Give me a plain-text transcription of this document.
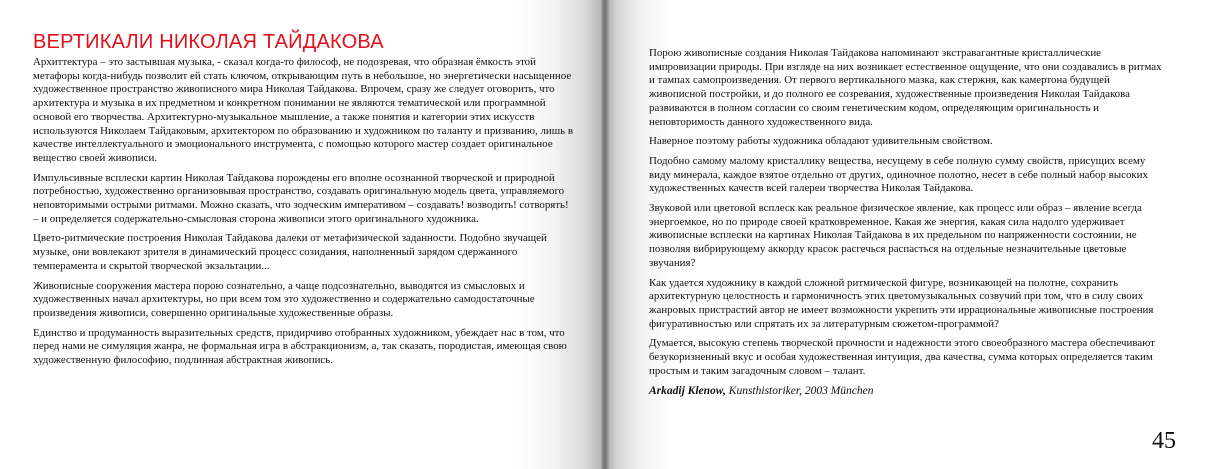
ВЕРТИКАЛИ НИКОЛАЯ ТАЙДАКОВА

Архиттектура – это застывшая музыка, - сказал когда-то философ, не подозревая, что образная ёмкость этой метафоры когда-нибудь позволит ей стать ключом, открывающим путь в небольшое, но энергетически насыщенное художественное пространство живописного мира Николая Тайдакова. Впрочем, сразу же следует оговорить, что архитектура и музыка в их предметном и конкретном понимании не являются тематической или программной основой его творчества. Архитектурно-музыкальное мышление, а также понятия и категории этих искусств используются Николаем Тайдаковым, архитектором по образованию и художником по таланту и призванию, лишь в качестве интеллектуального и эмоционального инструмента, с помощью которого мастер создает оригинальное вещество своей живописи.

Импульсивные всплески картин Николая Тайдакова порождены его вполне осознанной творческой и природной потребностью, художественно организовывая пространство, создавать оригинальную модель цвета, управляемого неповторимыми острыми ритмами. Можно сказать, что зодческим императивом – создавать! возводить! сотворять! – и определяется содержательно-смысловая сторона живописи этого оригинального художника.

Цвето-ритмические построения Николая Тайдакова далеки от метафизической заданности. Подобно звучащей музыке, они вовлекают зрителя в динамический процесс созидания, наполненный зарядом сдержанного темперамента и скрытой творческой экзальтации...

Живописные сооружения мастера порою сознательно, а чаще подсознательно, выводятся из смысловых и художественных начал архитектуры, но при всем том это художественно и содержательно самодостаточные произведения живописи, совершенно оригинальные художественные образы.

Единство и продуманность выразительных средств, придирчиво отобранных художником, убеждает нас в том, что перед нами не симуляция жанра, не формальная игра в абстракционизм, а, так сказать, породистая, имеющая свою художественную философию, подлинная абстрактная живопись.

Порою живописные создания Николая Тайдакова напоминают экстравагантные кристаллические импровизации природы. При взгляде на них возникает естественное ощущение, что они создавались в ритмах и тампах самопроизведения. От первого вертикального мазка, как стержня, как камертона будущей живописной постройки, и до полного ее созревания, художественные произведения Николая Тайдакова развиваются в полном согласии со своим генетическим кодом, определяющим оригинальность и неповторимость данного художественного вида.

Наверное поэтому работы художника обладают удивительным свойством.

Подобно самому малому кристаллику вещества, несущему в себе полную сумму свойств, присущих всему виду минерала, каждое взятое отдельно от других, одиночное полотно, несет в себе полный набор высоких художественных качеств всей галереи творчества Николая Тайдакова.

Звуковой или цветовой всплеск как реальное физическое явление, как процесс или образ – явление всегда энергоемкое, но по природе своей кратковременное. Какая же энергия, какая сила надолго удерживает живописные всплески на картинах Николая Тайдакова в их предельном по напряженности состоянии, не позволяя вибрирующему аккорду красок расгечься распасться на отдельные незначительные цветовые звучания?

Как удается художнику в каждой сложной ритмической фигуре, возникающей на полотне, сохранить архитектурную целостность и гармоничность этих цветомузыкальных созвучий при том, что в силу своих жанровых пристрастий автор не имеет возможности укрепить эти иррациональные живописные построения фигуративностью или спрятать их за литературным сюжетом-программой?

Думается, высокую степень творческой прочности и надежности этого своеобразного мастера обеспечивают безукоризненный вкус и особая художественная интуиция, два качества, сумма которых определяется таким простым и таким загадочным словом – талант.

Arkadij Klenow, Kunsthistoriker, 2003 München
45
